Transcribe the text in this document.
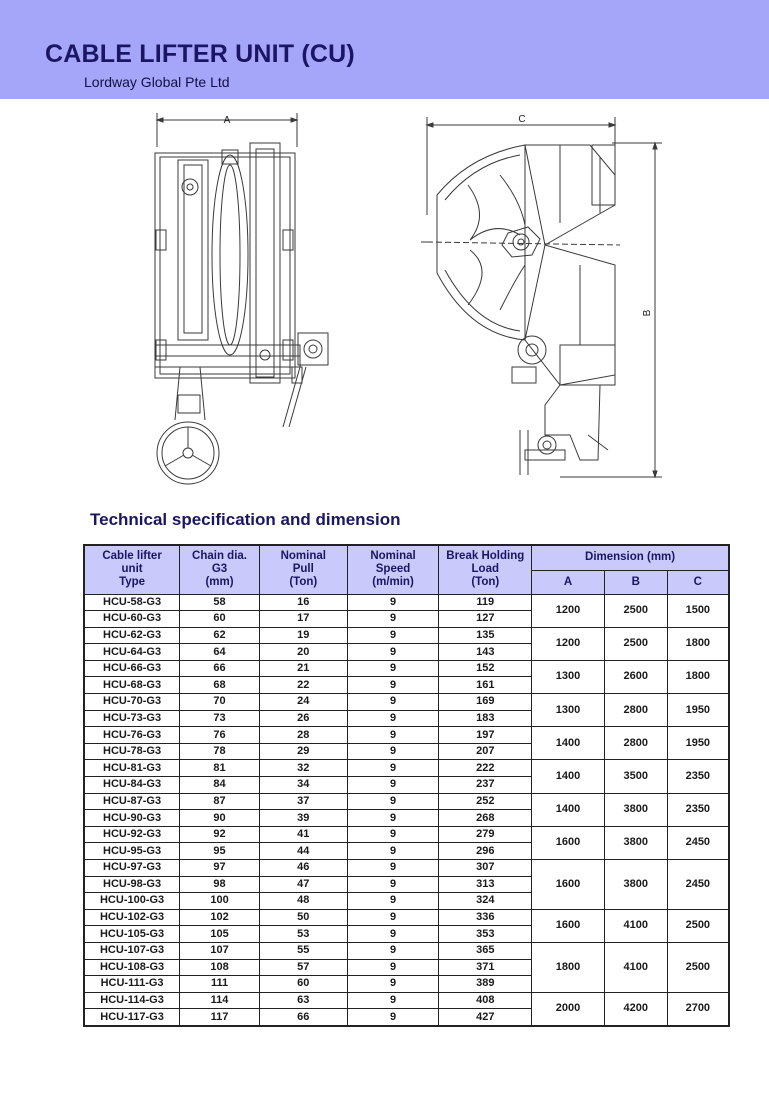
CABLE LIFTER UNIT (CU)
Lordway Global Pte Ltd
A	C
B
Technical specification and dimension
Cable lifter
unit
Type	Chain dia.
G3
(mm)	Nominal
Pull
(Ton)	Nominal
Speed
(m/min)	Break Holding
Load
(Ton)	Dimension (mm)		
					A	B	C
HCU-58-G3	58	16	9	119	1200	2500	1500
HCU-60-G3	60	17	9	127			
HCU-62-G3	62	19	9	135	1200	2500	1800
HCU-64-G3	64	20	9	143			
HCU-66-G3	66	21	9	152	1300	2600	1800
HCU-68-G3	68	22	9	161			
HCU-70-G3	70	24	9	169	1300	2800	1950
HCU-73-G3	73	26	9	183			
HCU-76-G3	76	28	9	197	1400	2800	1950
HCU-78-G3	78	29	9	207			
HCU-81-G3	81	32	9	222	1400	3500	2350
HCU-84-G3	84	34	9	237			
HCU-87-G3	87	37	9	252	1400	3800	2350
HCU-90-G3	90	39	9	268			
HCU-92-G3	92	41	9	279	1600	3800	2450
HCU-95-G3	95	44	9	296			
HCU-97-G3	97	46	9	307	1600	3800	2450
HCU-98-G3	98	47	9	313			
HCU-100-G3	100	48	9	324			
HCU-102-G3	102	50	9	336	1600	4100	2500
HCU-105-G3	105	53	9	353			
HCU-107-G3	107	55	9	365	1800	4100	2500
HCU-108-G3	108	57	9	371			
HCU-111-G3	111	60	9	389			
HCU-114-G3	114	63	9	408	2000	4200	2700
HCU-117-G3	117	66	9	427			
